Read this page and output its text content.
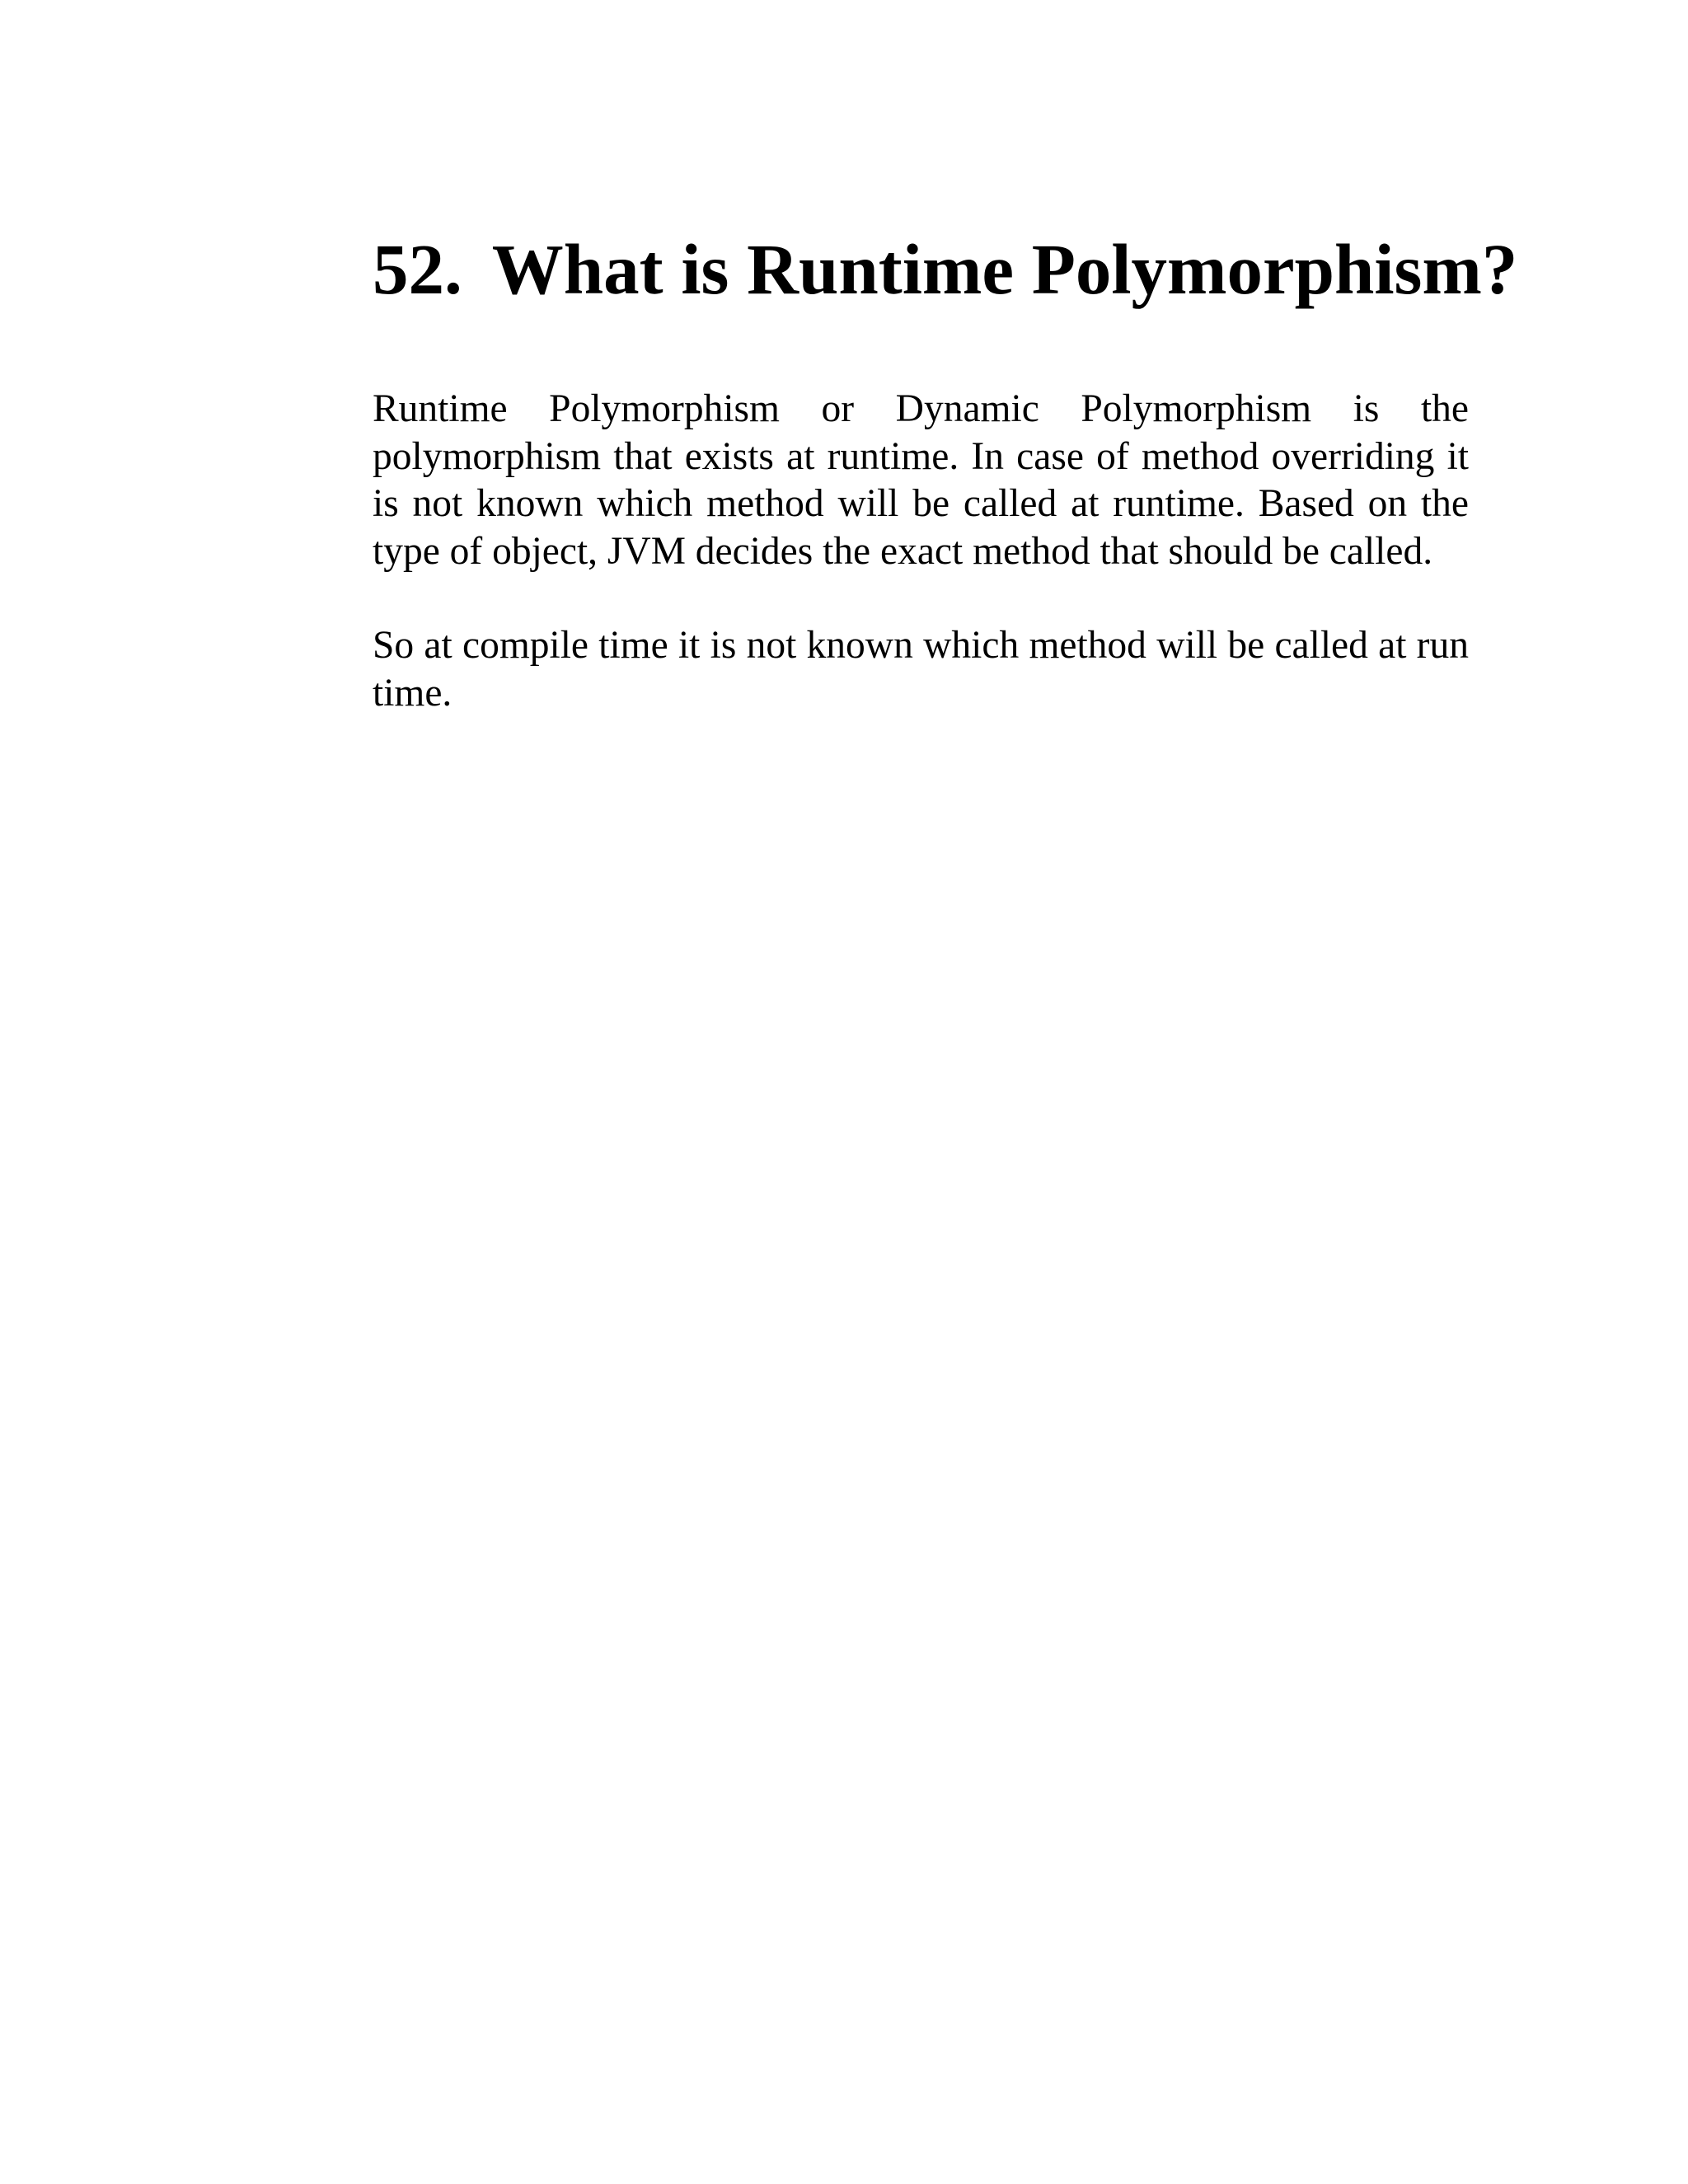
52. What is Runtime Polymorphism?

Runtime Polymorphism or Dynamic Polymorphism is the polymorphism that exists at runtime. In case of method overriding it is not known which method will be called at runtime. Based on the type of object, JVM decides the exact method that should be called.

So at compile time it is not known which method will be called at run time.
